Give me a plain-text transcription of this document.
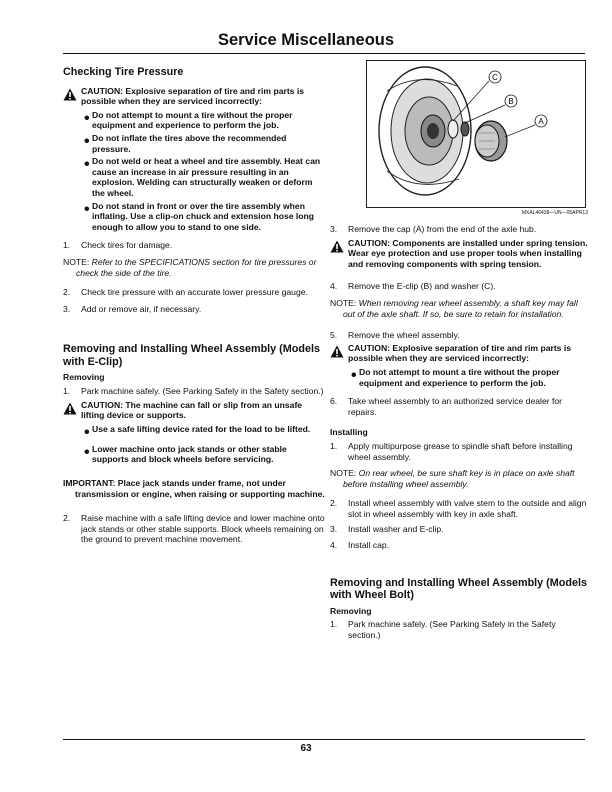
Service Miscellaneous
Checking Tire Pressure

CAUTION: Explosive separation of tire and rim parts is possible when they are serviced incorrectly:

• Do not attempt to mount a tire without the proper equipment and experience to perform the job.

• Do not inflate the tires above the recommended pressure.

• Do not weld or heat a wheel and tire assembly. Heat can cause an increase in air pressure resulting in an explosion. Welding can structurally weaken or deform the wheel.

• Do not stand in front or over the tire assembly when inflating. Use a clip-on chuck and extension hose long enough to allow you to stand to one side.

1.	Check tires for damage.

NOTE: Refer to the SPECIFICATIONS section for tire pressures or check the side of the tire.

2.	Check tire pressure with an accurate lower pressure gauge.

3.	Add or remove air, if necessary.

Removing and Installing Wheel Assembly (Models with E-Clip)
Removing
1.	Park machine safely. (See Parking Safely in the Safety section.)

CAUTION: The machine can fall or slip from an unsafe lifting device or supports.

• Use a safe lifting device rated for the load to be lifted.

• Lower machine onto jack stands or other stable supports and block wheels before servicing.

IMPORTANT: Place jack stands under frame, not under transmission or engine, when raising or supporting machine.

2.	Raise machine with a safe lifting device and lower machine onto jack stands or other stable supports. Block wheels remaining on the ground to prevent machine movement.

C
B
A
MXAL46438—UN—05APR13
3.	Remove the cap (A) from the end of the axle hub.

CAUTION: Components are installed under spring tension. Wear eye protection and use proper tools when installing and removing components with spring tension.

4.	Remove the E-clip (B) and washer (C).

NOTE: When removing rear wheel assembly, a shaft key may fall out of the axle shaft. If so, be sure to retain for installation.

5.	Remove the wheel assembly.

CAUTION: Explosive separation of tire and rim parts is possible when they are serviced incorrectly:

• Do not attempt to mount a tire without the proper equipment and experience to perform the job.

6.	Take wheel assembly to an authorized service dealer for repairs.

Installing
1.	Apply multipurpose grease to spindle shaft before installing wheel assembly.

NOTE: On rear wheel, be sure shaft key is in place on axle shaft before installing wheel assembly.

2.	Install wheel assembly with valve stem to the outside and align slot in wheel assembly with key in axle shaft.

3.	Install washer and E-clip.

4.	Install cap.

Removing and Installing Wheel Assembly (Models with Wheel Bolt)
Removing
1.	Park machine safely. (See Parking Safely in the Safety section.)

63
